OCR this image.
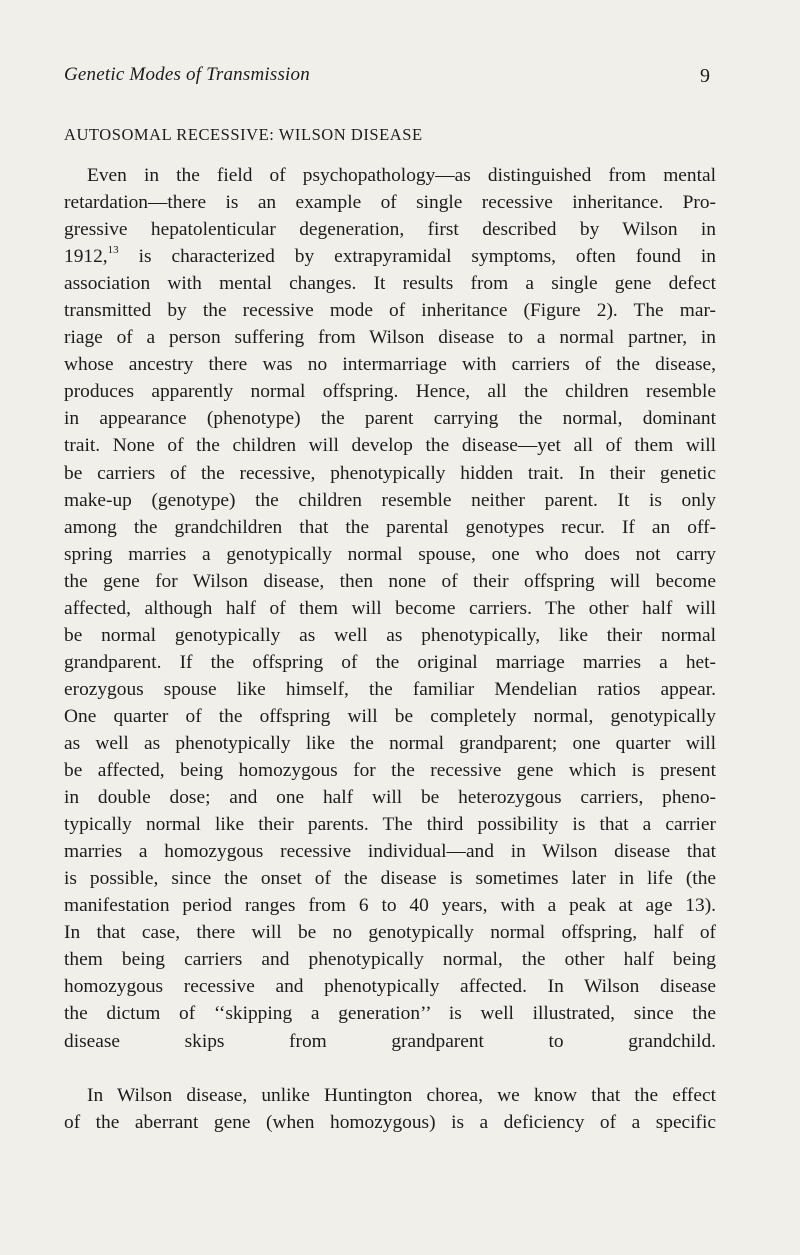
Genetic Modes of Transmission	9
AUTOSOMAL RECESSIVE: WILSON DISEASE
Even in the field of psychopathology—as distinguished from mental
retardation—there is an example of single recessive inheritance. Pro-
gressive hepatolenticular degeneration, first described by Wilson in
1912,13 is characterized by extrapyramidal symptoms, often found in
association with mental changes. It results from a single gene defect
transmitted by the recessive mode of inheritance (Figure 2). The mar-
riage of a person suffering from Wilson disease to a normal partner, in
whose ancestry there was no intermarriage with carriers of the disease,
produces apparently normal offspring. Hence, all the children resemble
in appearance (phenotype) the parent carrying the normal, dominant
trait. None of the children will develop the disease—yet all of them will
be carriers of the recessive, phenotypically hidden trait. In their genetic
make-up (genotype) the children resemble neither parent. It is only
among the grandchildren that the parental genotypes recur. If an off-
spring marries a genotypically normal spouse, one who does not carry
the gene for Wilson disease, then none of their offspring will become
affected, although half of them will become carriers. The other half will
be normal genotypically as well as phenotypically, like their normal
grandparent. If the offspring of the original marriage marries a het-
erozygous spouse like himself, the familiar Mendelian ratios appear.
One quarter of the offspring will be completely normal, genotypically
as well as phenotypically like the normal grandparent; one quarter will
be affected, being homozygous for the recessive gene which is present
in double dose; and one half will be heterozygous carriers, pheno-
typically normal like their parents. The third possibility is that a carrier
marries a homozygous recessive individual—and in Wilson disease that
is possible, since the onset of the disease is sometimes later in life (the
manifestation period ranges from 6 to 40 years, with a peak at age 13).
In that case, there will be no genotypically normal offspring, half of
them being carriers and phenotypically normal, the other half being
homozygous recessive and phenotypically affected. In Wilson disease
the dictum of ‘‘skipping a generation’’ is well illustrated, since the
disease skips from grandparent to grandchild.
In Wilson disease, unlike Huntington chorea, we know that the effect
of the aberrant gene (when homozygous) is a deficiency of a specific
